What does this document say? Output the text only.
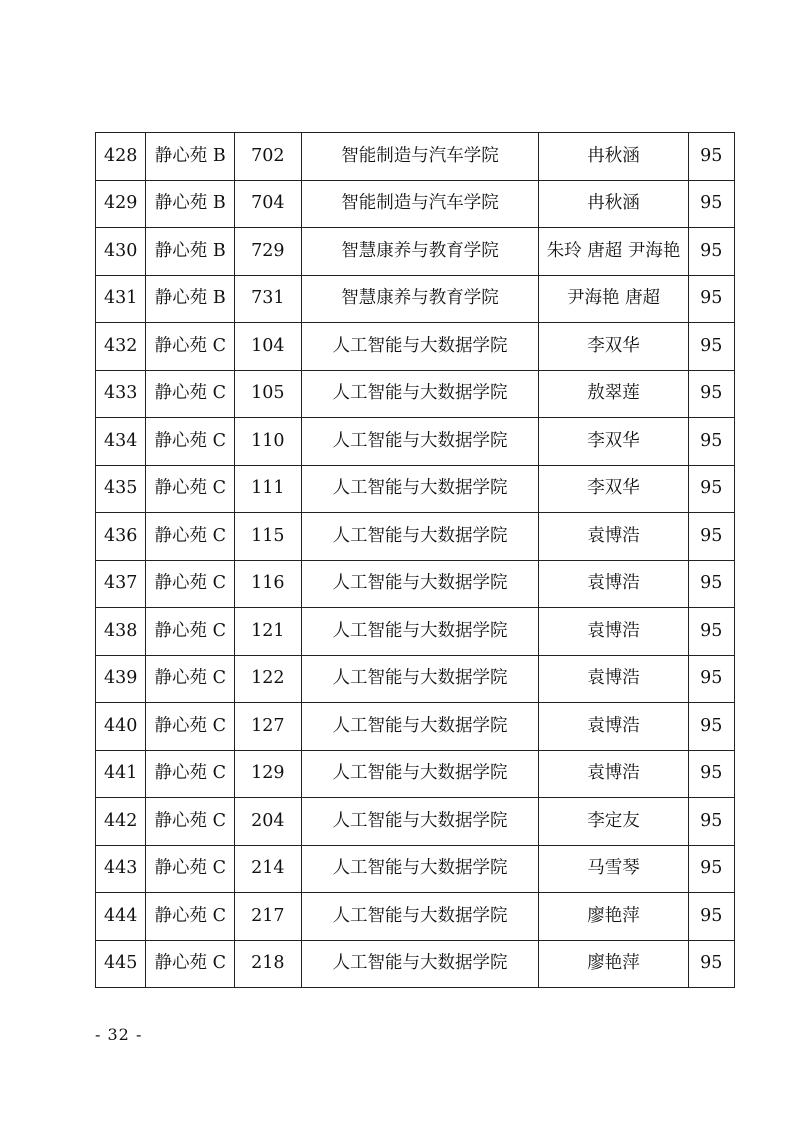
428	静心苑 B	702	智能制造与汽车学院	冉秋涵	95
429	静心苑 B	704	智能制造与汽车学院	冉秋涵	95
430	静心苑 B	729	智慧康养与教育学院	朱玲 唐超 尹海艳	95
431	静心苑 B	731	智慧康养与教育学院	尹海艳 唐超	95
432	静心苑 C	104	人工智能与大数据学院	李双华	95
433	静心苑 C	105	人工智能与大数据学院	敖翠莲	95
434	静心苑 C	110	人工智能与大数据学院	李双华	95
435	静心苑 C	111	人工智能与大数据学院	李双华	95
436	静心苑 C	115	人工智能与大数据学院	袁博浩	95
437	静心苑 C	116	人工智能与大数据学院	袁博浩	95
438	静心苑 C	121	人工智能与大数据学院	袁博浩	95
439	静心苑 C	122	人工智能与大数据学院	袁博浩	95
440	静心苑 C	127	人工智能与大数据学院	袁博浩	95
441	静心苑 C	129	人工智能与大数据学院	袁博浩	95
442	静心苑 C	204	人工智能与大数据学院	李定友	95
443	静心苑 C	214	人工智能与大数据学院	马雪琴	95
444	静心苑 C	217	人工智能与大数据学院	廖艳萍	95
445	静心苑 C	218	人工智能与大数据学院	廖艳萍	95
- 32 -
